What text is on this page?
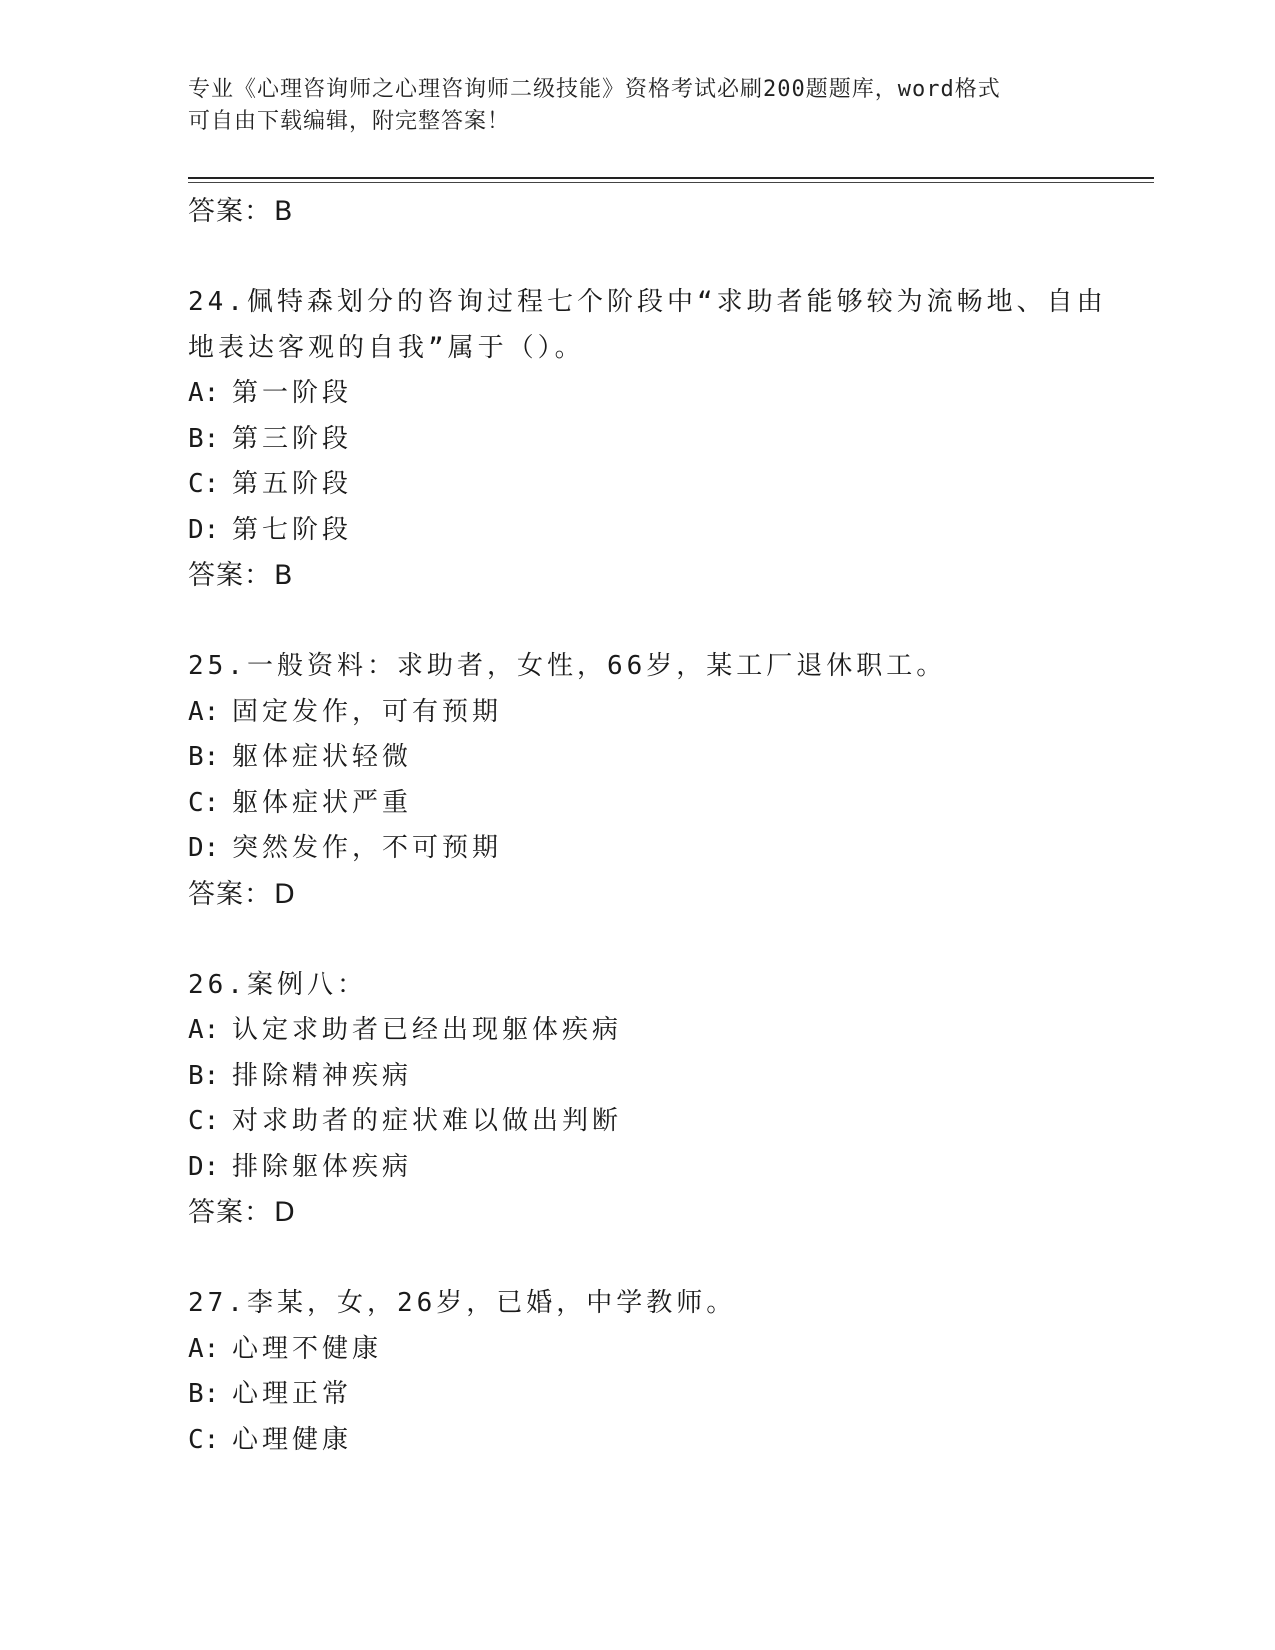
专业《心理咨询师之心理咨询师二级技能》资格考试必刷200题题库，word格式
可自由下载编辑，附完整答案！
答案：B
24.佩特森划分的咨询过程七个阶段中“求助者能够较为流畅地、自由
地表达客观的自我”属于（）。
A: 第一阶段
B: 第三阶段
C: 第五阶段
D: 第七阶段
答案：B
25.一般资料：求助者，女性，66岁，某工厂退休职工。
A: 固定发作，可有预期
B: 躯体症状轻微
C: 躯体症状严重
D: 突然发作，不可预期
答案：D
26.案例八：
A: 认定求助者已经出现躯体疾病
B: 排除精神疾病
C: 对求助者的症状难以做出判断
D: 排除躯体疾病
答案：D
27.李某，女，26岁，已婚，中学教师。
A: 心理不健康
B: 心理正常
C: 心理健康
